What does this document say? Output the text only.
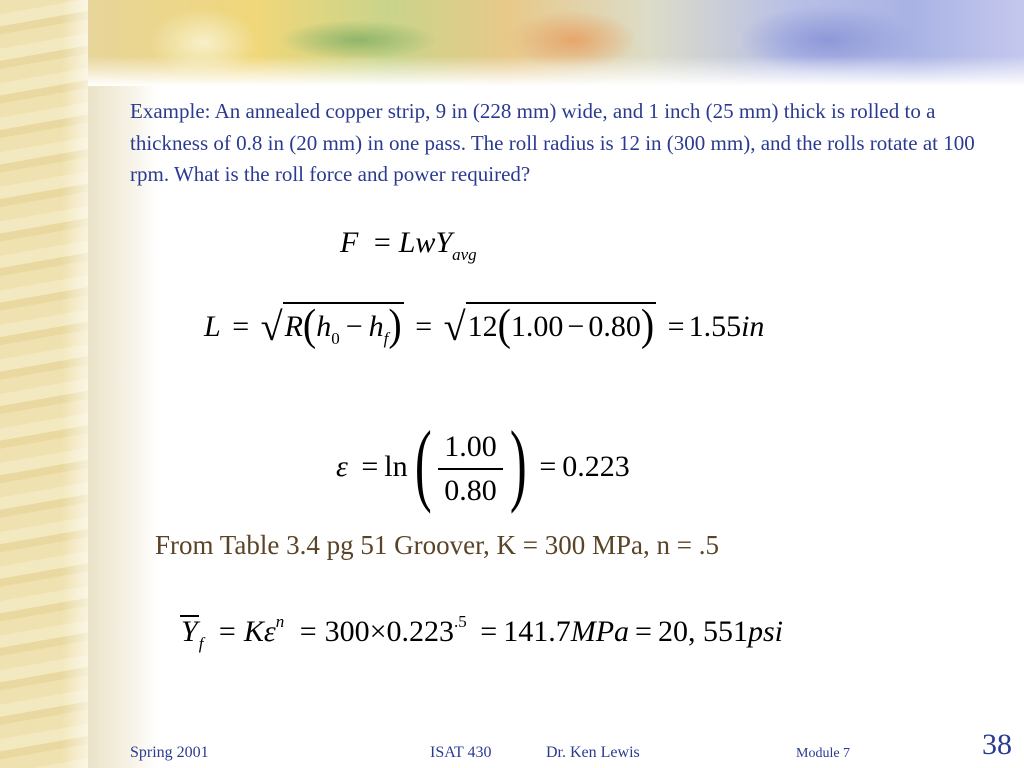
Example: An annealed copper strip, 9 in (228 mm) wide, and 1 inch (25 mm) thick is rolled to a thickness of 0.8 in (20 mm) in one pass. The roll radius is 12 in (300 mm), and the rolls rotate at 100 rpm. What is the roll force and power required?
F = LwY$_{avg}$
$L = √R(h_0 - h_f) = √12(1.00 - 0.80) = 1.55in$
$\varepsilon = \ln( \frac{1.00}{0.80}$ ) = 0.223
From Table 3.4 pg 51 Groover, K = 300 MPa, n = .5
$Y_f = K\varepsilon^n = 300\times 0.223^{.5} = 141.7MPa = 20$, 551psi
Spring 2001	ISAT 430	Dr. Ken Lewis	Module 7	38
